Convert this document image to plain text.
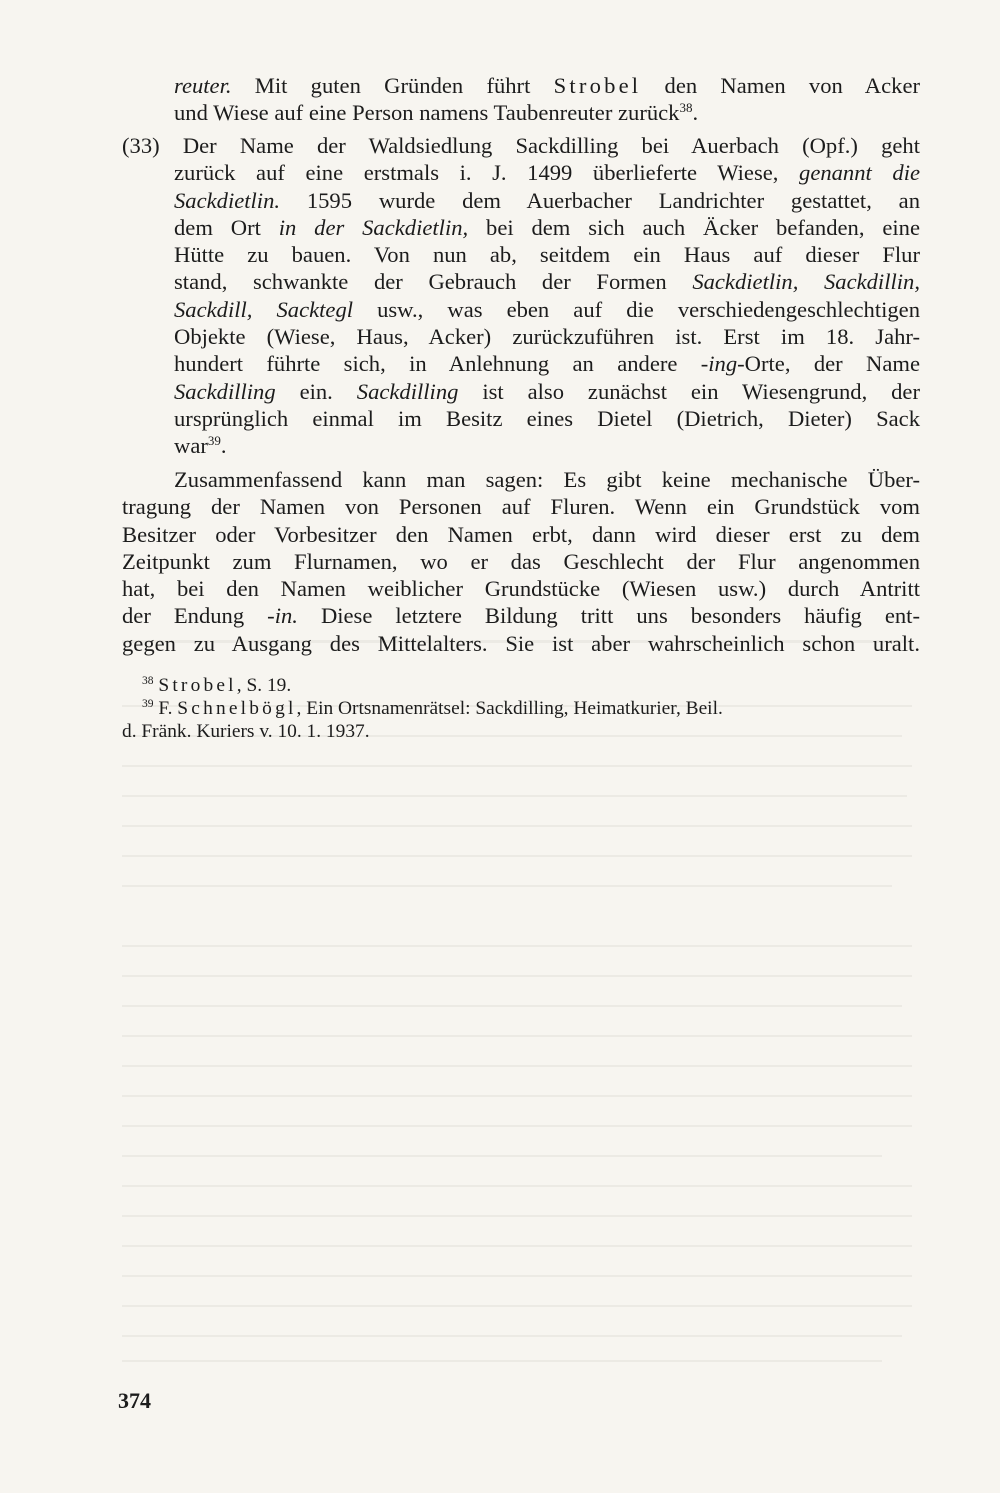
reuter. Mit guten Gründen führt Strobel den Namen von Acker
und Wiese auf eine Person namens Taubenreuter zurück$^{38}$.
(33) Der Name der Waldsiedlung Sackdilling bei Auerbach (Opf.) geht
zurück auf eine erstmals i. J. 1499 überlieferte Wiese, genannt die
Sackdietlin. 1595 wurde dem Auerbacher Landrichter gestattet, an
dem Ort in der Sackdietlin, bei dem sich auch Äcker befanden, eine
Hütte zu bauen. Von nun ab, seitdem ein Haus auf dieser Flur
stand, schwankte der Gebrauch der Formen Sackdietlin, Sackdillin,
Sackdill, Sacktegl usw., was eben auf die verschiedengeschlechtigen
Objekte (Wiese, Haus, Acker) zurückzuführen ist. Erst im 18. Jahr-
hundert führte sich, in Anlehnung an andere -ing-Orte, der Name
Sackdilling ein. Sackdilling ist also zunächst ein Wiesengrund, der
ursprünglich einmal im Besitz eines Dietel (Dietrich, Dieter) Sack
war$^{39}$.
Zusammenfassend kann man sagen: Es gibt keine mechanische Über-
tragung der Namen von Personen auf Fluren. Wenn ein Grundstück vom
Besitzer oder Vorbesitzer den Namen erbt, dann wird dieser erst zu dem
Zeitpunkt zum Flurnamen, wo er das Geschlecht der Flur angenommen
hat, bei den Namen weiblicher Grundstücke (Wiesen usw.) durch Antritt
der Endung -in. Diese letztere Bildung tritt uns besonders häufig ent-
gegen zu Ausgang des Mittelalters. Sie ist aber wahrscheinlich schon uralt.
$^{38}$ Strobel, S. 19.
$^{39}$ F. Schnelbögl, Ein Ortsnamenrätsel: Sackdilling, Heimatkurier, Beil.
d. Fränk. Kuriers v. 10. 1. 1937.
374
